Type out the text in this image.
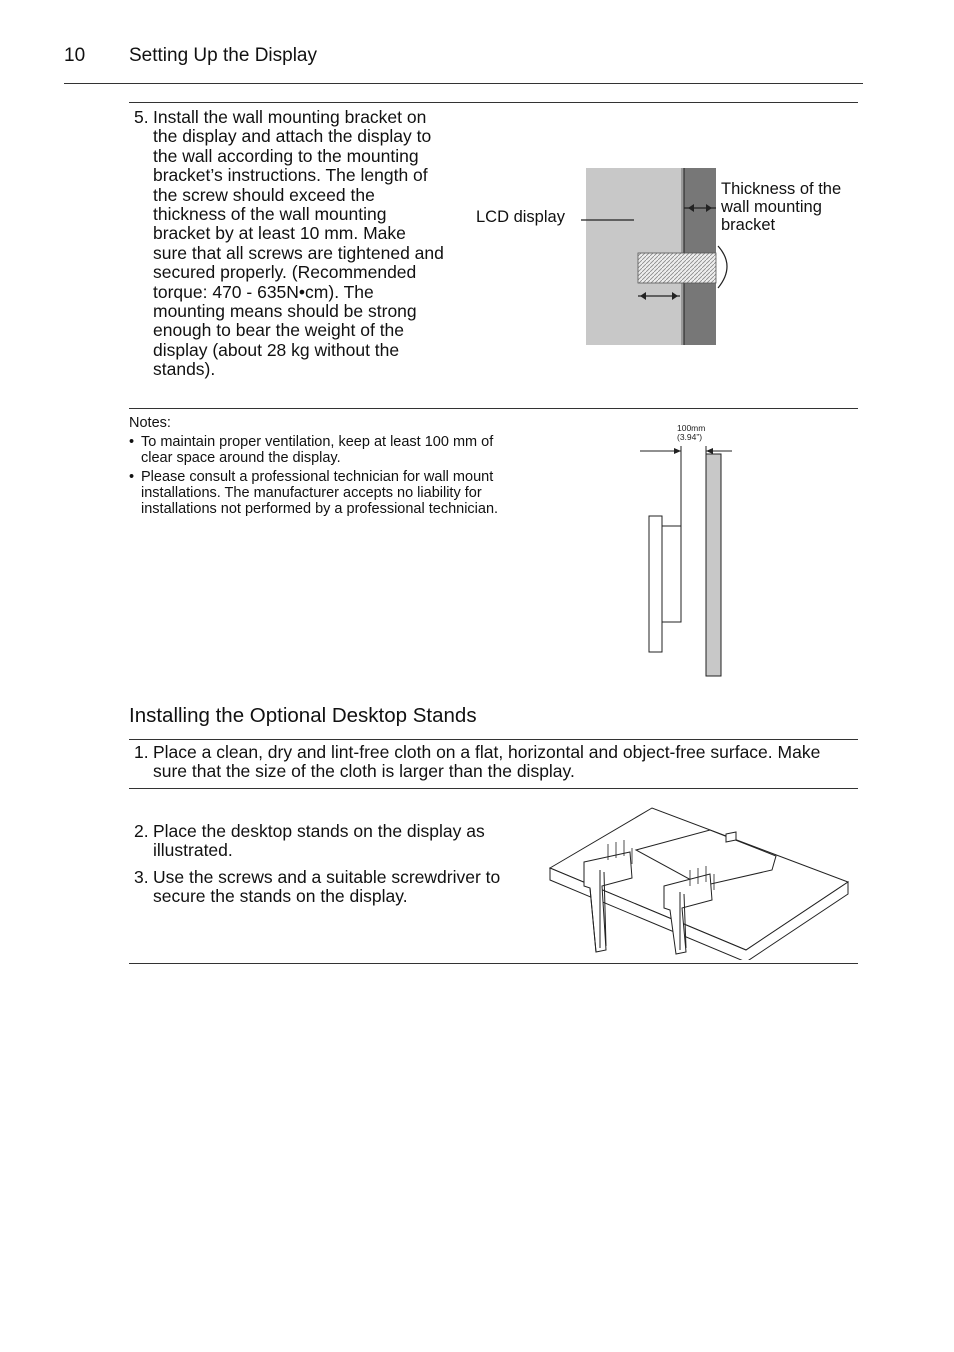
10 Setting Up the Display
5. Install the wall mounting bracket on the display and attach the display to the wall according to the mounting bracket’s instructions. The length of the screw should exceed the thickness of the wall mounting bracket by at least 10 mm. Make sure that all screws are tightened and secured properly. (Recommended torque: 470 - 635N•cm). The mounting means should be strong enough to bear the weight of the display (about 28 kg without the stands).
LCD display
Thickness of the
wall mounting
bracket
Notes:
• To maintain proper ventilation, keep at least 100 mm of clear space around the display.
• Please consult a professional technician for wall mount installations. The manufacturer accepts no liability for installations not performed by a professional technician.
100mm
(3.94”)
Installing the Optional Desktop Stands
1. Place a clean, dry and lint-free cloth on a flat, horizontal and object-free surface. Make sure that the size of the cloth is larger than the display.
2. Place the desktop stands on the display as illustrated.
3. Use the screws and a suitable screwdriver to secure the stands on the display.
